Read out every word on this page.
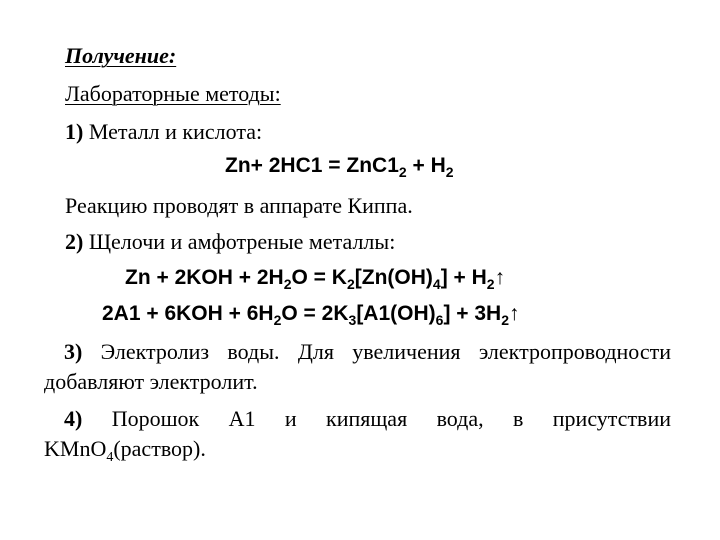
Получение:
Лабораторные методы:
1) Металл и кислота:
$Zn+ 2HC1 = ZnC1_2 + H_2$
Реакцию проводят в аппарате Киппа.
2) Щелочи и амфотреные металлы:
$Zn + 2KOH + 2H_2O = K_2[Zn(OH)_4]$ + $H_2↑$
$2A1 + 6KOH + 6H_2O = 2K_3[A1(OH)_6]$ + $3H_2↑$
3) Электролиз воды. Для увеличения электропроводности добавляют электролит.
4) Порошок A1 и кипящая вода, в присутствии KMnO$_4$(раствор).
